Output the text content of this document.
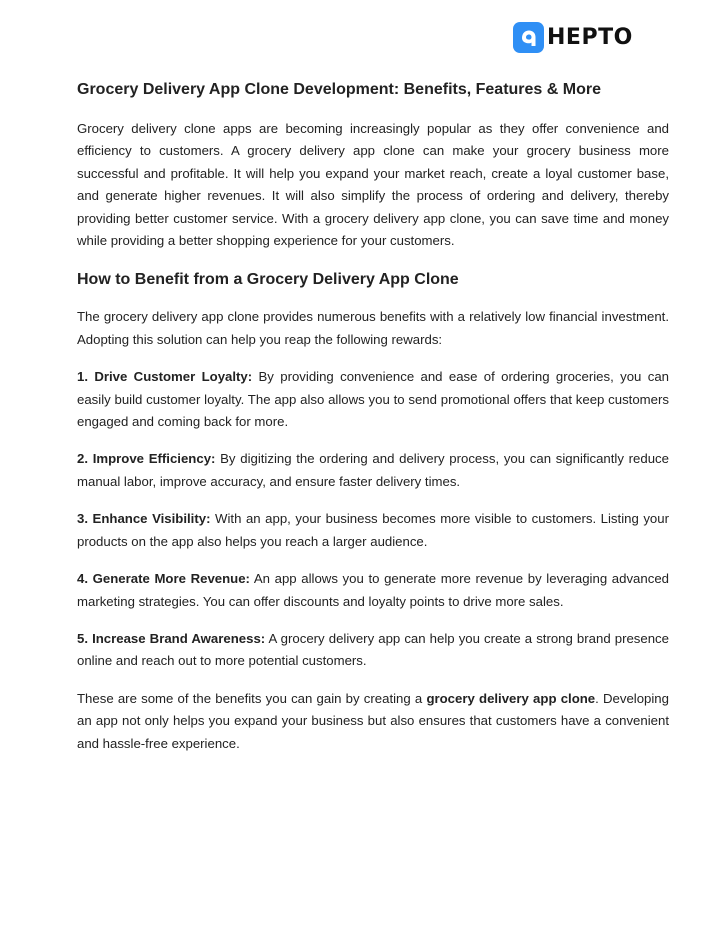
HEPTO
Grocery Delivery App Clone Development: Benefits, Features & More

Grocery delivery clone apps are becoming increasingly popular as they offer convenience and efficiency to customers. A grocery delivery app clone can make your grocery business more successful and profitable. It will help you expand your market reach, create a loyal customer base, and generate higher revenues. It will also simplify the process of ordering and delivery, thereby providing better customer service. With a grocery delivery app clone, you can save time and money while providing a better shopping experience for your customers.

How to Benefit from a Grocery Delivery App Clone

The grocery delivery app clone provides numerous benefits with a relatively low financial investment. Adopting this solution can help you reap the following rewards:

1. Drive Customer Loyalty: By providing convenience and ease of ordering groceries, you can easily build customer loyalty. The app also allows you to send promotional offers that keep customers engaged and coming back for more.

2. Improve Efficiency: By digitizing the ordering and delivery process, you can significantly reduce manual labor, improve accuracy, and ensure faster delivery times.

3. Enhance Visibility: With an app, your business becomes more visible to customers. Listing your products on the app also helps you reach a larger audience.

4. Generate More Revenue: An app allows you to generate more revenue by leveraging advanced marketing strategies. You can offer discounts and loyalty points to drive more sales.

5. Increase Brand Awareness: A grocery delivery app can help you create a strong brand presence online and reach out to more potential customers.

These are some of the benefits you can gain by creating a grocery delivery app clone. Developing an app not only helps you expand your business but also ensures that customers have a convenient and hassle-free experience.
